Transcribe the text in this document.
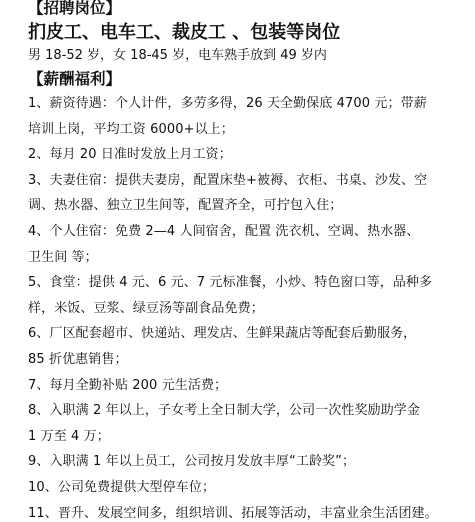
【招聘岗位】
扪皮工、电车工、裁皮工 、包装等岗位
男 18-52 岁，女 18-45 岁，电车熟手放到 49 岁内
【薪酬福利】
1、薪资待遇：个人计件，多劳多得，26 天全勤保底 4700 元；带薪
培训上岗，平均工资 6000+以上；
2、每月 20 日准时发放上月工资；
3、夫妻住宿：提供夫妻房，配置床垫+被褥、衣柜、书桌、沙发、空
调、热水器、独立卫生间等，配置齐全，可拧包入住；
4、个人住宿：免费 2—4 人间宿舍，配置 洗衣机、空调、热水器、
卫生间 等；
5、食堂：提供 4 元、6 元、7 元标准餐，小炒、特色窗口等，品种多
样，米饭、豆浆、绿豆汤等副食品免费；
6、厂区配套超市、快递站、理发店、生鲜果蔬店等配套后勤服务，
85 折优惠销售；
7、每月全勤补贴 200 元生活费；
8、入职满 2 年以上，子女考上全日制大学，公司一次性奖励助学金
1 万至 4 万；
9、入职满 1 年以上员工，公司按月发放丰厚“工龄奖”；
10、公司免费提供大型停车位；
11、晋升、发展空间多，组织培训、拓展等活动，丰富业余生活团建。
